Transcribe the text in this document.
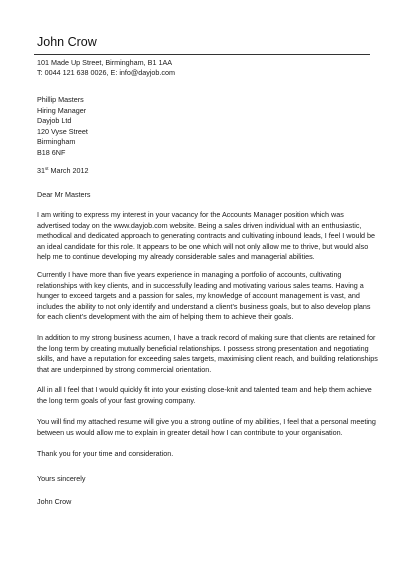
John Crow
101 Made Up Street, Birmingham, B1 1AA
T: 0044 121 638 0026, E: info@dayjob.com

Phillip Masters

Hiring Manager

Dayjob Ltd

120 Vyse Street

Birmingham

B18 6NF

31st March 2012
Dear Mr Masters

I am writing to express my interest in your vacancy for the Accounts Manager position which was

advertised today on the www.dayjob.com website. Being a sales driven individual with an enthusiastic,

methodical and dedicated approach to generating contracts and cultivating inbound leads, I feel I would be

an ideal candidate for this role. It appears to be one which will not only allow me to thrive, but would also

help me to continue developing my already considerable sales and managerial abilities.

Currently I have more than five years experience in managing a portfolio of accounts, cultivating

relationships with key clients, and in successfully leading and motivating various sales teams. Having a

hunger to exceed targets and a passion for sales, my knowledge of account management is vast, and

includes the ability to not only identify and understand a client’s business goals, but to also develop plans

for each client’s development with the aim of helping them to achieve their goals.

In addition to my strong business acumen, I have a track record of making sure that clients are retained for

the long term by creating mutually beneficial relationships. I possess strong presentation and negotiating

skills, and have a reputation for exceeding sales targets, maximising client reach, and building relationships

that are underpinned by strong commercial orientation.

All in all I feel that I would quickly fit into your existing close-knit and talented team and help them achieve

the long term goals of your fast growing company.

You will find my attached resume will give you a strong outline of my abilities, I feel that a personal meeting

between us would allow me to explain in greater detail how I can contribute to your organisation.

Thank you for your time and consideration.

Yours sincerely
John Crow
